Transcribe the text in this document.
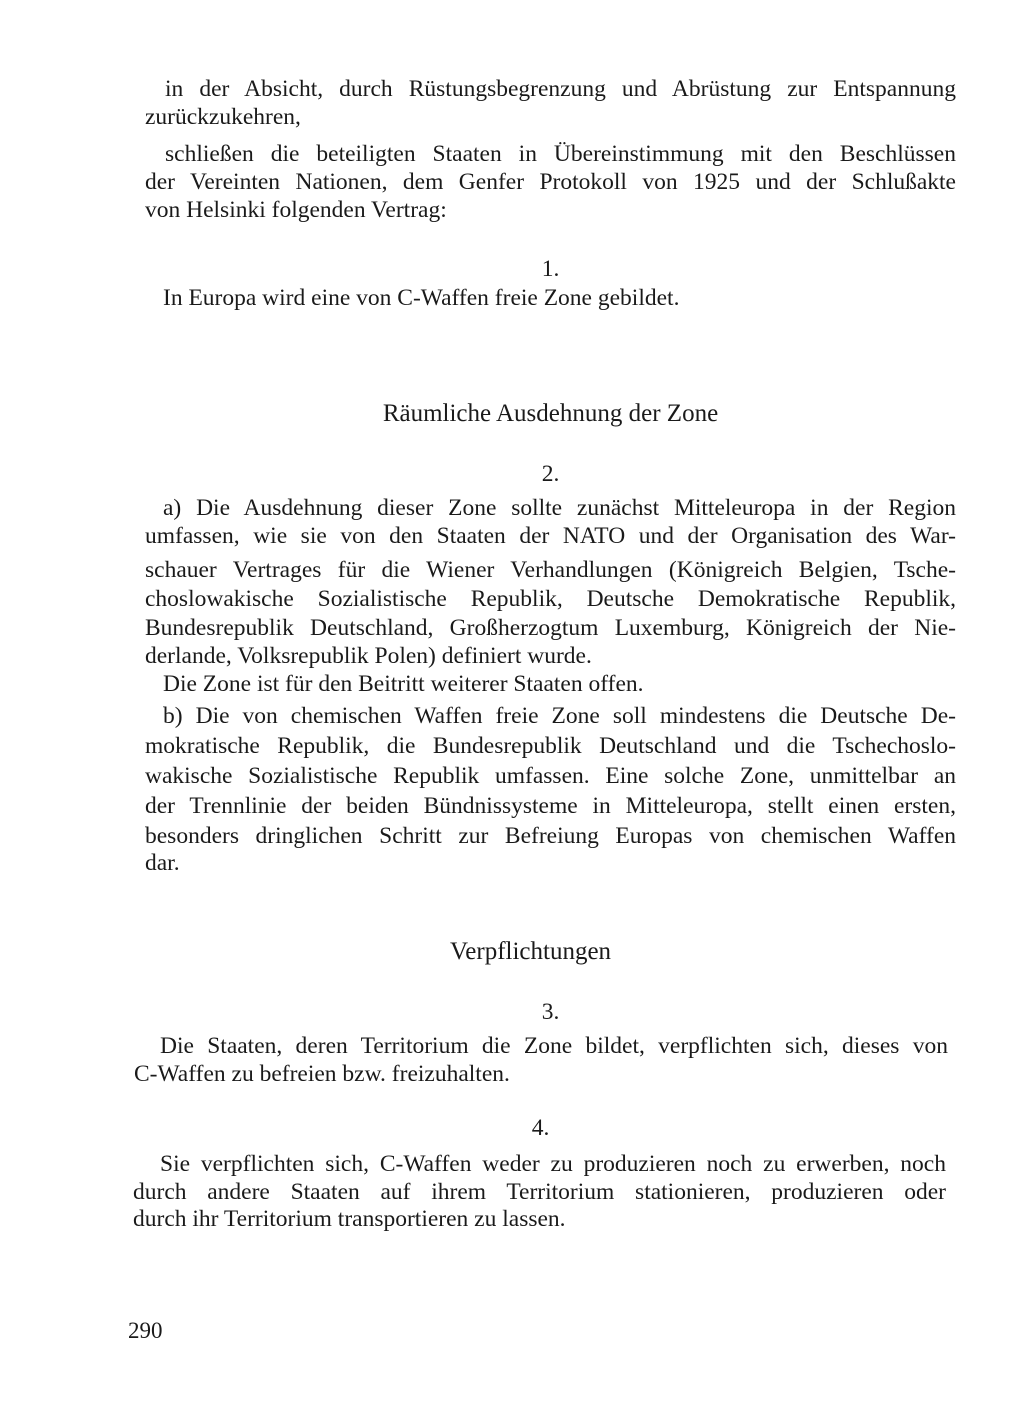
in der Absicht, durch Rüstungsbegrenzung und Abrüstung zur Entspannung
zurückzukehren,
schließen die beteiligten Staaten in Übereinstimmung mit den Beschlüssen
der Vereinten Nationen, dem Genfer Protokoll von 1925 und der Schlußakte
von Helsinki folgenden Vertrag:
1.
In Europa wird eine von C-Waffen freie Zone gebildet.
Räumliche Ausdehnung der Zone
2.
a) Die Ausdehnung dieser Zone sollte zunächst Mitteleuropa in der Region
umfassen, wie sie von den Staaten der NATO und der Organisation des War-
schauer Vertrages für die Wiener Verhandlungen (Königreich Belgien, Tsche-
choslowakische Sozialistische Republik, Deutsche Demokratische Republik,
Bundesrepublik Deutschland, Großherzogtum Luxemburg, Königreich der Nie-
derlande, Volksrepublik Polen) definiert wurde.
Die Zone ist für den Beitritt weiterer Staaten offen.
b) Die von chemischen Waffen freie Zone soll mindestens die Deutsche De-
mokratische Republik, die Bundesrepublik Deutschland und die Tschechoslo-
wakische Sozialistische Republik umfassen. Eine solche Zone, unmittelbar an
der Trennlinie der beiden Bündnissysteme in Mitteleuropa, stellt einen ersten,
besonders dringlichen Schritt zur Befreiung Europas von chemischen Waffen
dar.
Verpflichtungen
3.
Die Staaten, deren Territorium die Zone bildet, verpflichten sich, dieses von
C-Waffen zu befreien bzw. freizuhalten.
4.
Sie verpflichten sich, C-Waffen weder zu produzieren noch zu erwerben, noch
durch andere Staaten auf ihrem Territorium stationieren, produzieren oder
durch ihr Territorium transportieren zu lassen.
290
